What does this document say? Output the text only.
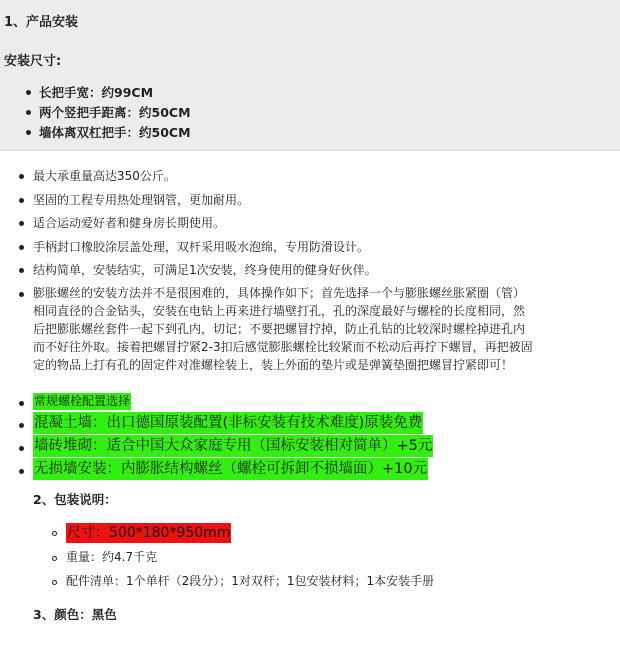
1、产品安装
安装尺寸:
长把手宽：约99CM
两个竖把手距离：约50CM
墙体离双杠把手：约50CM
最大承重量高达350公斤。
坚固的工程专用热处理钢管，更加耐用。
适合运动爱好者和健身房长期使用。
手柄封口橡胶涂层盖处理，双杆采用吸水泡绵，专用防滑设计。
结构简单，安装结实，可满足1次安装，终身使用的健身好伙伴。
膨胀螺丝的安装方法并不是很困难的，具体操作如下；首先选择一个与膨胀螺丝胀紧圈（管）
相同直径的合金钻头，安装在电钻上再来进行墙壁打孔，孔的深度最好与螺栓的长度相同，然
后把膨胀螺丝套件一起下到孔内，切记；不要把螺冒拧掉，防止孔钻的比较深时螺栓掉进孔内
而不好往外取。接着把螺冒拧紧2-3扣后感觉膨胀螺栓比较紧而不松动后再拧下螺冒，再把被固
定的物品上打有孔的固定件对准螺栓装上，装上外面的垫片或是弹簧垫圈把螺冒拧紧即可！
常规螺栓配置选择
混凝土墙：出口德国原装配置(非标安装有技术难度)原装免费
墙砖堆砌：适合中国大众家庭专用（国标安装相对简单）+5元
无损墙安装：内膨胀结构螺丝（螺栓可拆卸不损墙面）+10元
2、包装说明：
尺寸：500*180*950mm
重量：约4.7千克
配件清单：1个单杆（2段分）；1对双杆；1包安装材料；1本安装手册
3、颜色：黑色
